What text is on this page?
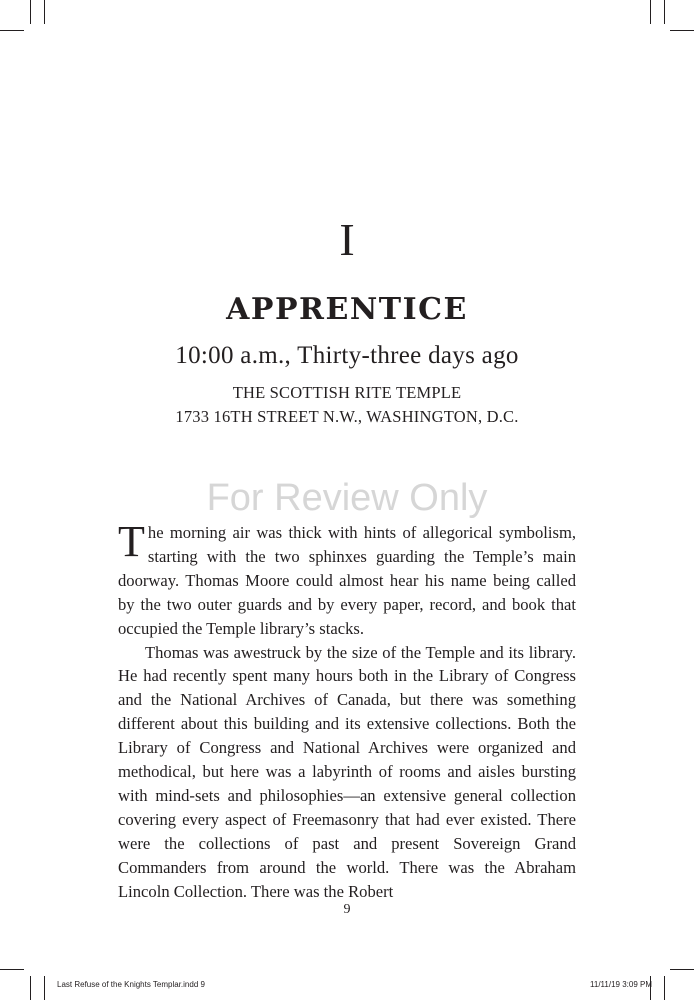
I
APPRENTICE
10:00 a.m., Thirty-three days ago
THE SCOTTISH RITE TEMPLE
1733 16TH STREET N.W., WASHINGTON, D.C.
For Review Only

The morning air was thick with hints of allegorical symbolism, starting with the two sphinxes guarding the Temple’s main doorway. Thomas Moore could almost hear his name being called by the two outer guards and by every paper, record, and book that occupied the Temple library’s stacks.

Thomas was awestruck by the size of the Temple and its library. He had recently spent many hours both in the Library of Congress and the National Archives of Canada, but there was something different about this building and its extensive collections. Both the Library of Congress and National Archives were organized and methodical, but here was a labyrinth of rooms and aisles bursting with mind-sets and philosophies—an extensive general collection covering every aspect of Freemasonry that had ever existed. There were the collections of past and present Sovereign Grand Commanders from around the world. There was the Abraham Lincoln Collection. There was the Robert

9
Last Refuse of the Knights Templar.indd 9	11/11/19 3:09 PM
